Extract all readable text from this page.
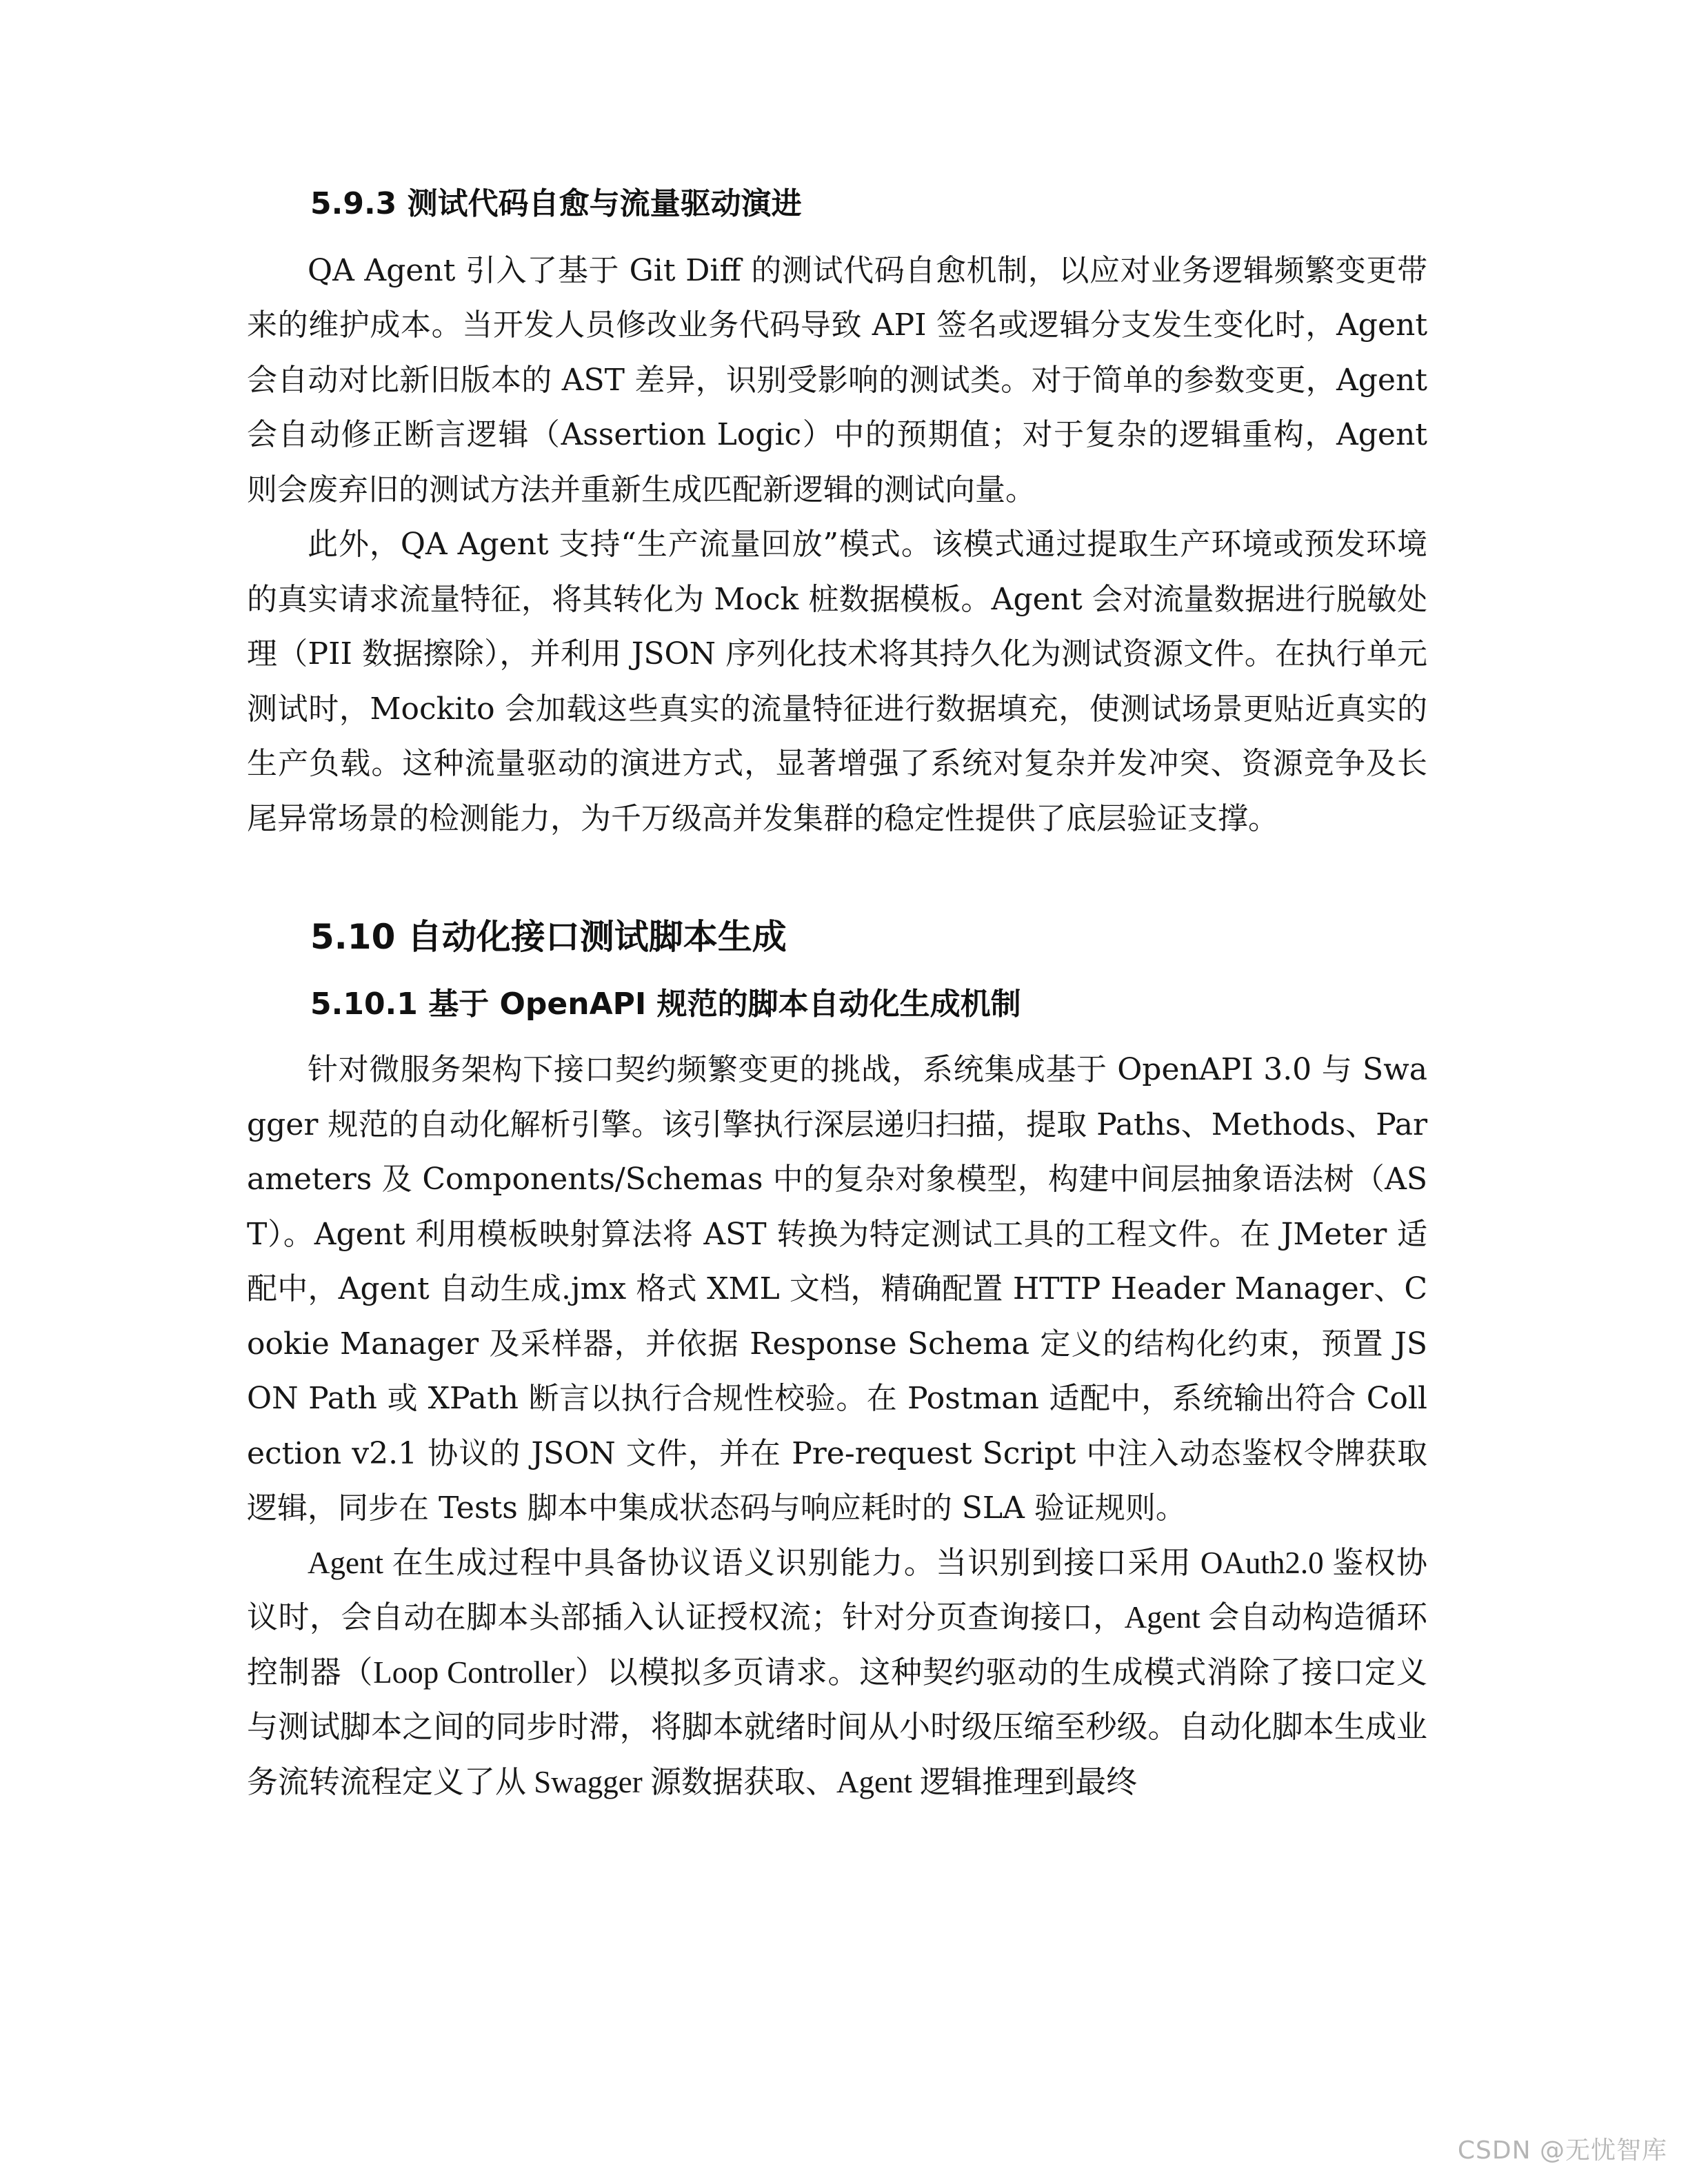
5.9.3 测试代码自愈与流量驱动演进

QA Agent 引入了基于 Git Diff 的测试代码自愈机制，以应对业务逻辑频繁变更带来的维护成本。当开发人员修改业务代码导致 API 签名或逻辑分支发生变化时，Agent 会自动对比新旧版本的 AST 差异，识别受影响的测试类。对于简单的参数变更，Agent 会自动修正断言逻辑（Assertion Logic）中的预期值；对于复杂的逻辑重构，Agent 则会废弃旧的测试方法并重新生成匹配新逻辑的测试向量。

此外，QA Agent 支持“生产流量回放”模式。该模式通过提取生产环境或预发环境的真实请求流量特征，将其转化为 Mock 桩数据模板。Agent 会对流量数据进行脱敏处理（PII 数据擦除），并利用 JSON 序列化技术将其持久化为测试资源文件。在执行单元测试时，Mockito 会加载这些真实的流量特征进行数据填充，使测试场景更贴近真实的生产负载。这种流量驱动的演进方式，显著增强了系统对复杂并发冲突、资源竞争及长尾异常场景的检测能力，为千万级高并发集群的稳定性提供了底层验证支撑。

5.10 自动化接口测试脚本生成
5.10.1 基于 OpenAPI 规范的脚本自动化生成机制

针对微服务架构下接口契约频繁变更的挑战，系统集成基于 OpenAPI 3.0 与 Swagger 规范的自动化解析引擎。该引擎执行深层递归扫描，提取 Paths、Methods、Parameters 及 Components/Schemas 中的复杂对象模型，构建中间层抽象语法树（AST）。Agent 利用模板映射算法将 AST 转换为特定测试工具的工程文件。在 JMeter 适配中，Agent 自动生成.jmx 格式 XML 文档，精确配置 HTTP Header Manager、Cookie Manager 及采样器，并依据 Response Schema 定义的结构化约束，预置 JSON Path 或 XPath 断言以执行合规性校验。在 Postman 适配中，系统输出符合 Collection v2.1 协议的 JSON 文件，并在 Pre-request Script 中注入动态鉴权令牌获取逻辑，同步在 Tests 脚本中集成状态码与响应耗时的 SLA 验证规则。

Agent 在生成过程中具备协议语义识别能力。当识别到接口采用 OAuth2.0 鉴权协议时，会自动在脚本头部插入认证授权流；针对分页查询接口，Agent 会自动构造循环控制器（Loop Controller）以模拟多页请求。这种契约驱动的生成模式消除了接口定义与测试脚本之间的同步时滞，将脚本就绪时间从小时级压缩至秒级。自动化脚本生成业务流转流程定义了从 Swagger 源数据获取、Agent 逻辑推理到最终

CSDN @无忧智库
